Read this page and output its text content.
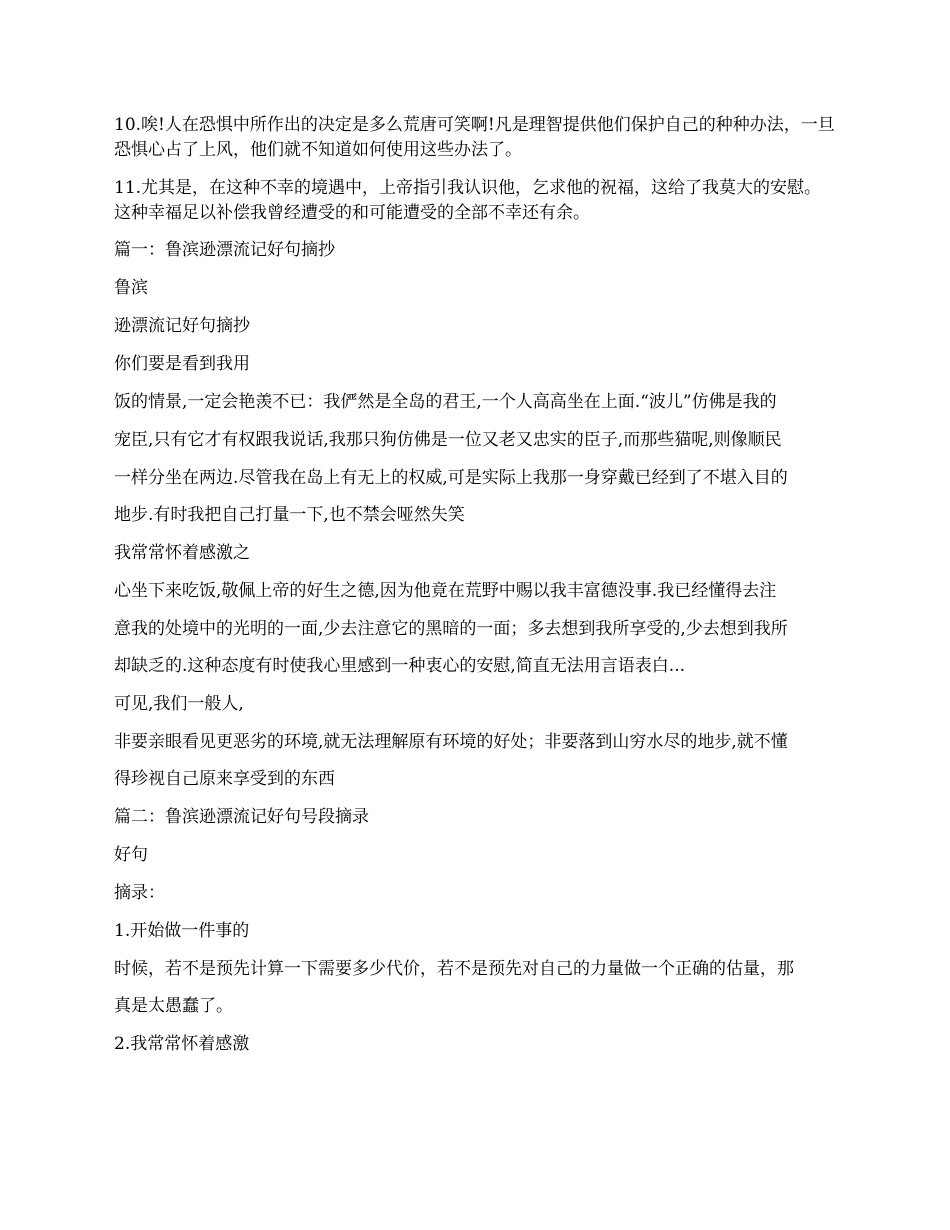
10.唉!人在恐惧中所作出的决定是多么荒唐可笑啊!凡是理智提供他们保护自己的种种办法，一旦恐惧心占了上风，他们就不知道如何使用这些办法了。

11.尤其是，在这种不幸的境遇中，上帝指引我认识他，乞求他的祝福，这给了我莫大的安慰。这种幸福足以补偿我曾经遭受的和可能遭受的全部不幸还有余。

篇一：鲁滨逊漂流记好句摘抄

鲁滨

逊漂流记好句摘抄

你们要是看到我用

饭的情景,一定会艳羡不已：我俨然是全岛的君王,一个人高高坐在上面.“波儿”仿佛是我的

宠臣,只有它才有权跟我说话,我那只狗仿佛是一位又老又忠实的臣子,而那些猫呢,则像顺民

一样分坐在两边.尽管我在岛上有无上的权威,可是实际上我那一身穿戴已经到了不堪入目的

地步.有时我把自己打量一下,也不禁会哑然失笑

我常常怀着感激之

心坐下来吃饭,敬佩上帝的好生之德,因为他竟在荒野中赐以我丰富德没事.我已经懂得去注

意我的处境中的光明的一面,少去注意它的黑暗的一面；多去想到我所享受的,少去想到我所

却缺乏的.这种态度有时使我心里感到一种衷心的安慰,简直无法用言语表白...

可见,我们一般人,

非要亲眼看见更恶劣的环境,就无法理解原有环境的好处；非要落到山穷水尽的地步,就不懂

得珍视自己原来享受到的东西

篇二：鲁滨逊漂流记好句号段摘录

好句

摘录：

1.开始做一件事的

时候，若不是预先计算一下需要多少代价，若不是预先对自己的力量做一个正确的估量，那

真是太愚蠢了。

2.我常常怀着感激
